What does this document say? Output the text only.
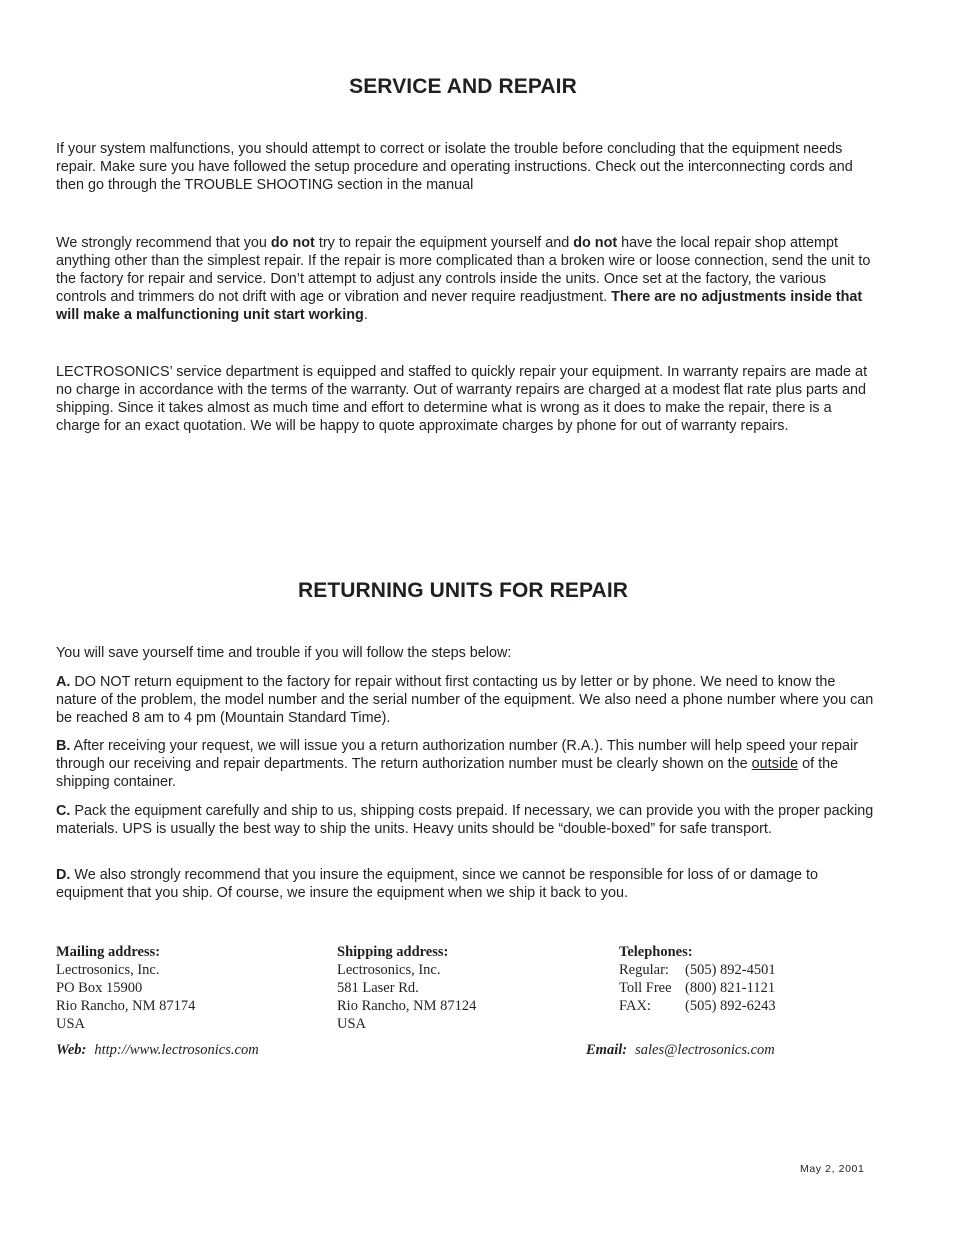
SERVICE AND REPAIR

If your system malfunctions, you should attempt to correct or isolate the trouble before concluding that the equipment needs repair. Make sure you have followed the setup procedure and operating instructions. Check out the interconnecting cords and then go through the TROUBLE SHOOTING section in the manual

We strongly recommend that you do not try to repair the equipment yourself and do not have the local repair shop attempt anything other than the simplest repair. If the repair is more complicated than a broken wire or loose connection, send the unit to the factory for repair and service. Don’t attempt to adjust any controls inside the units. Once set at the factory, the various controls and trimmers do not drift with age or vibration and never require readjustment. There are no adjustments inside that will make a malfunctioning unit start working.

LECTROSONICS’ service department is equipped and staffed to quickly repair your equipment. In warranty repairs are made at no charge in accordance with the terms of the warranty. Out of warranty repairs are charged at a modest flat rate plus parts and shipping. Since it takes almost as much time and effort to determine what is wrong as it does to make the repair, there is a charge for an exact quotation. We will be happy to quote approximate charges by phone for out of warranty repairs.

RETURNING UNITS FOR REPAIR

You will save yourself time and trouble if you will follow the steps below:

A. DO NOT return equipment to the factory for repair without first contacting us by letter or by phone. We need to know the nature of the problem, the model number and the serial number of the equipment. We also need a phone number where you can be reached 8 am to 4 pm (Mountain Standard Time).

B. After receiving your request, we will issue you a return authorization number (R.A.). This number will help speed your repair through our receiving and repair departments. The return authorization number must be clearly shown on the outside of the shipping container.

C. Pack the equipment carefully and ship to us, shipping costs prepaid. If necessary, we can provide you with the proper packing materials. UPS is usually the best way to ship the units. Heavy units should be “double-boxed” for safe transport.

D. We also strongly recommend that you insure the equipment, since we cannot be responsible for loss of or damage to equipment that you ship. Of course, we insure the equipment when we ship it back to you.

Mailing address:
Lectrosonics, Inc.
PO Box 15900
Rio Rancho, NM 87174
USA
Shipping address:
Lectrosonics, Inc.
581 Laser Rd.
Rio Rancho, NM 87124
USA
Telephones:
Regular:	(505) 892-4501
Toll Free (800) 821-1121
FAX:	(505) 892-6243
Web: http://www.lectrosonics.com	Email: sales@lectrosonics.com
May 2, 2001
